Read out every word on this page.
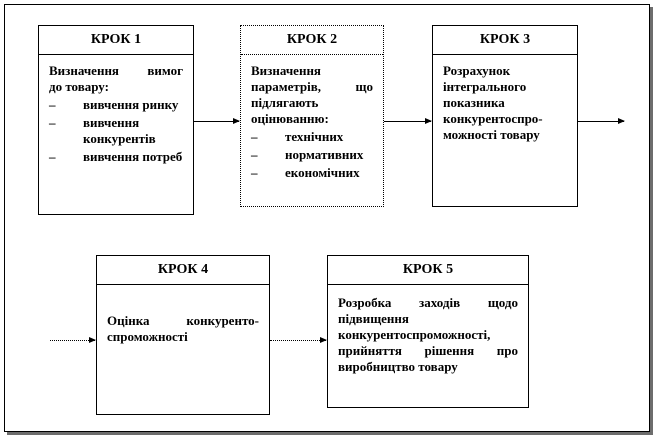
КРОК 1
Визначення вимог
до товару:
–	вивчення ринку
–	вивчення конкурентів
–	вивчення потреб
КРОК 2
Визначення
параметрів, що
підлягають
оцінюванню:
–	технічних
–	нормативних
–	економічних
КРОК 3
Розрахунок
інтегрального
показника
конкурентоспро-
можності товару
КРОК 4
Оцінка конкуренто-
спроможності
КРОК 5
Розробка заходів щодо
підвищення
конкурентоспроможності,
прийняття рішення про
виробництво товару
